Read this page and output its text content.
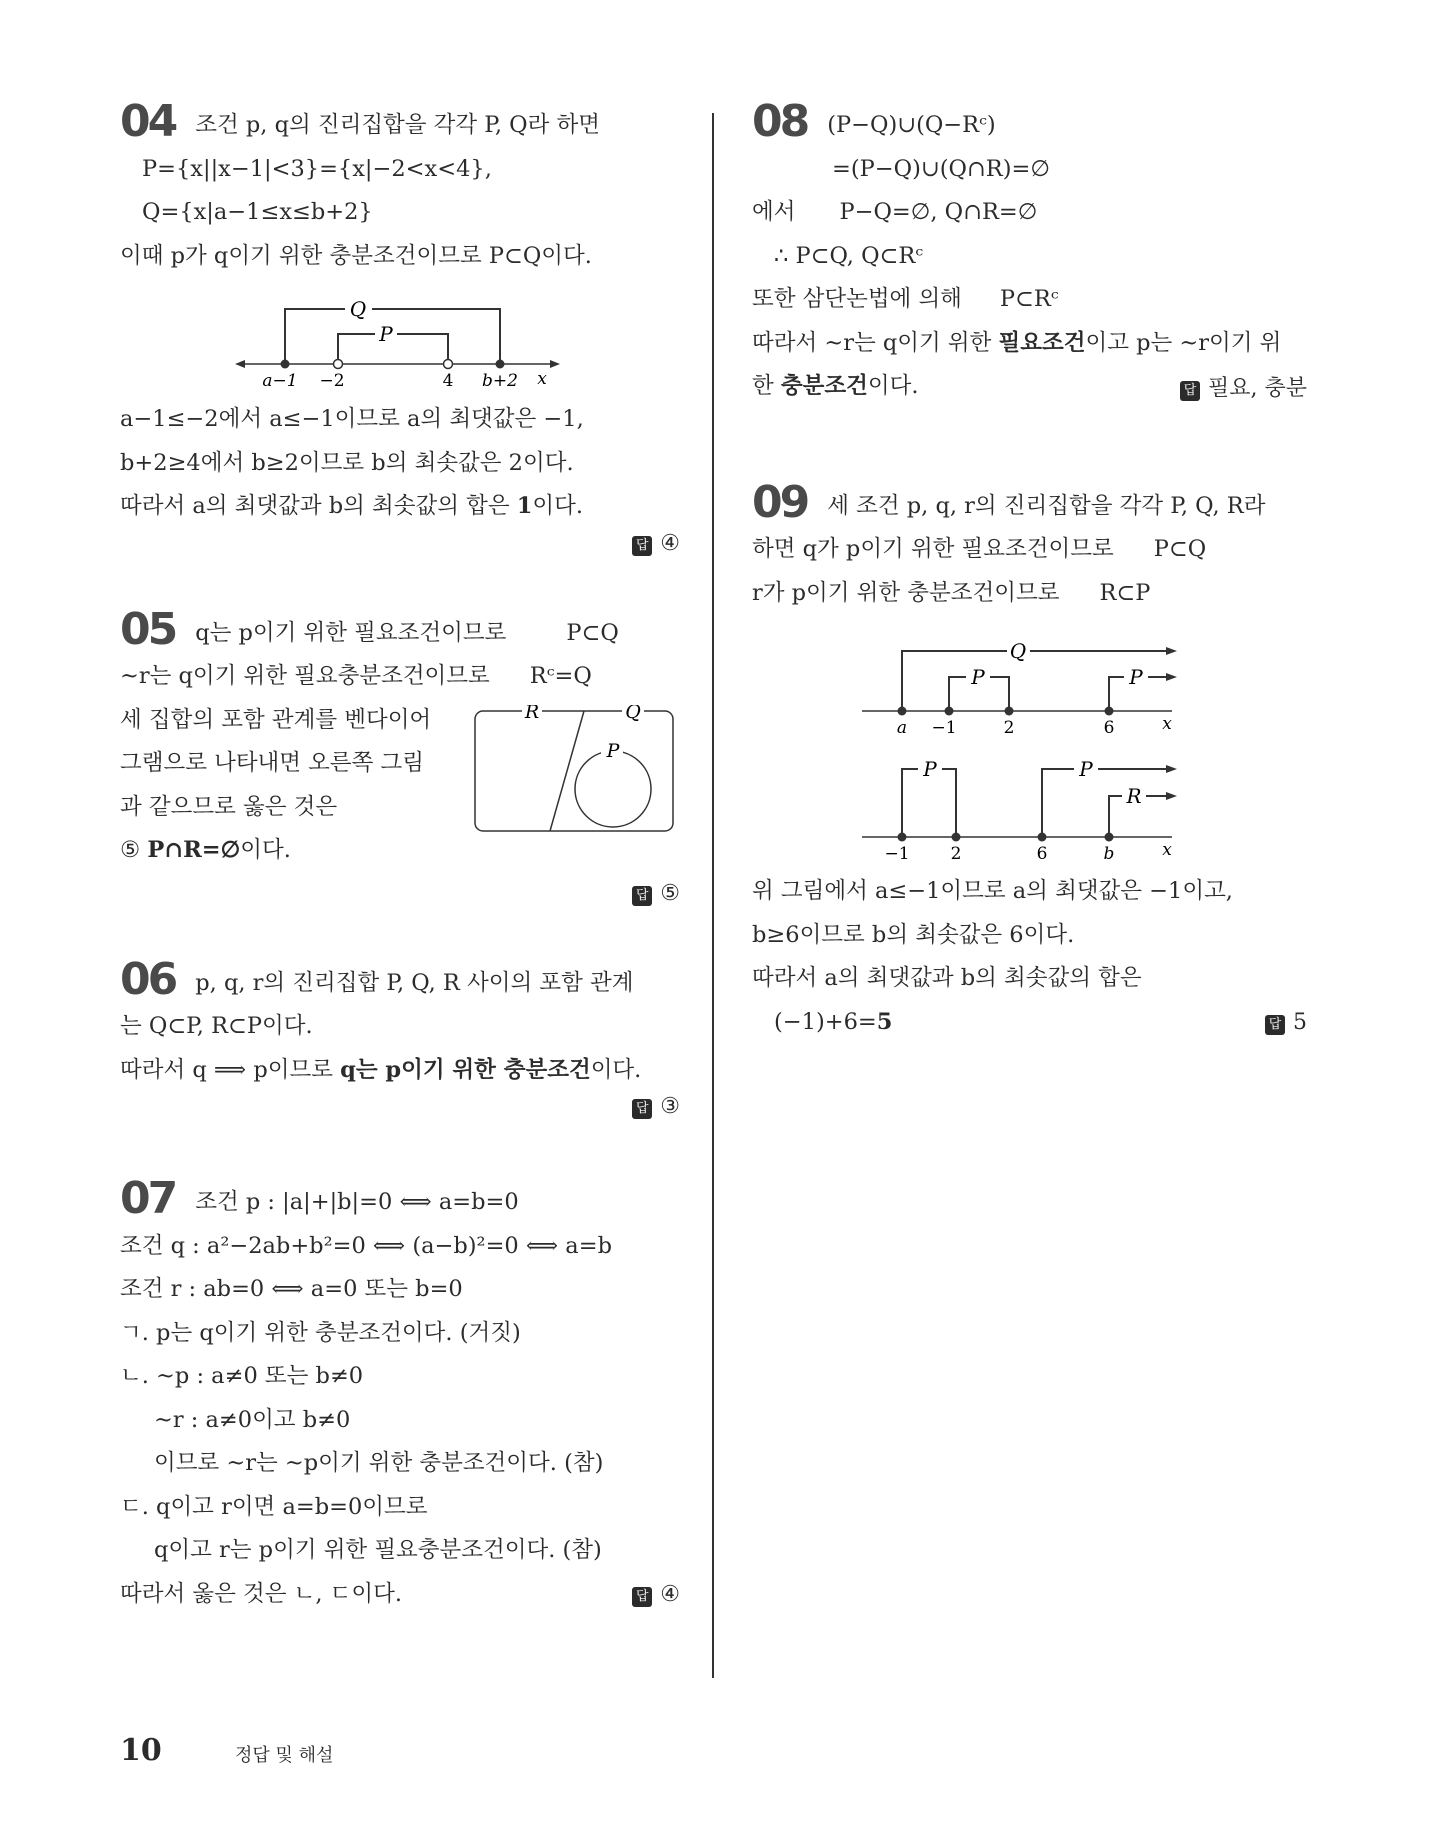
04 조건 p, q의 진리집합을 각각 P, Q라 하면
P={x||x−1|<3}={x|−2<x<4},
Q={x|a−1≤x≤b+2}
이때 p가 q이기 위한 충분조건이므로 P⊂Q이다.
Q
P
a−1 −2	4 b+2 x
a−1≤−2에서 a≤−1이므로 a의 최댓값은 −1,
b+2≥4에서 b≥2이므로 b의 최솟값은 2이다.
따라서 a의 최댓값과 b의 최솟값의 합은 1이다.
답 ④
05 q는 p이기 위한 필요조건이므로	P⊂Q
~r는 q이기 위한 필요충분조건이므로 Rᶜ=Q
세 집합의 포함 관계를 벤다이어
그램으로 나타내면 오른쪽 그림
과 같으므로 옳은 것은
⑤ P∩R=∅이다.
R	Q
P
답 ⑤
06 p, q, r의 진리집합 P, Q, R 사이의 포함 관계
는 Q⊂P, R⊂P이다.
따라서 q ⟹ p이므로 q는 p이기 위한 충분조건이다.
답 ③
07 조건 p : |a|+|b|=0 ⟺ a=b=0
조건 q : a²−2ab+b²=0 ⟺ (a−b)²=0 ⟺ a=b
조건 r : ab=0 ⟺ a=0 또는 b=0
ㄱ. p는 q이기 위한 충분조건이다. (거짓)
ㄴ. ~p : a≠0 또는 b≠0
~r : a≠0이고 b≠0
이므로 ~r는 ~p이기 위한 충분조건이다. (참)
ㄷ. q이고 r이면 a=b=0이므로
q이고 r는 p이기 위한 필요충분조건이다. (참)
따라서 옳은 것은 ㄴ, ㄷ이다.	답 ④
08 (P−Q)∪(Q−Rᶜ)
=(P−Q)∪(Q∩R)=∅
에서 P−Q=∅, Q∩R=∅
∴ P⊂Q, Q⊂Rᶜ
또한 삼단논법에 의해 P⊂Rᶜ
따라서 ~r는 q이기 위한 필요조건이고 p는 ~r이기 위
한 충분조건이다.	답 필요, 충분
09 세 조건 p, q, r의 진리집합을 각각 P, Q, R라
하면 q가 p이기 위한 필요조건이므로 P⊂Q
r가 p이기 위한 충분조건이므로 R⊂P
Q
P	P
a −1	2	6	x
P	P
R
−1 2	6	b	x
위 그림에서 a≤−1이므로 a의 최댓값은 −1이고,
b≥6이므로 b의 최솟값은 6이다.
따라서 a의 최댓값과 b의 최솟값의 합은
(−1)+6=5	답 5
10	정답 및 해설
